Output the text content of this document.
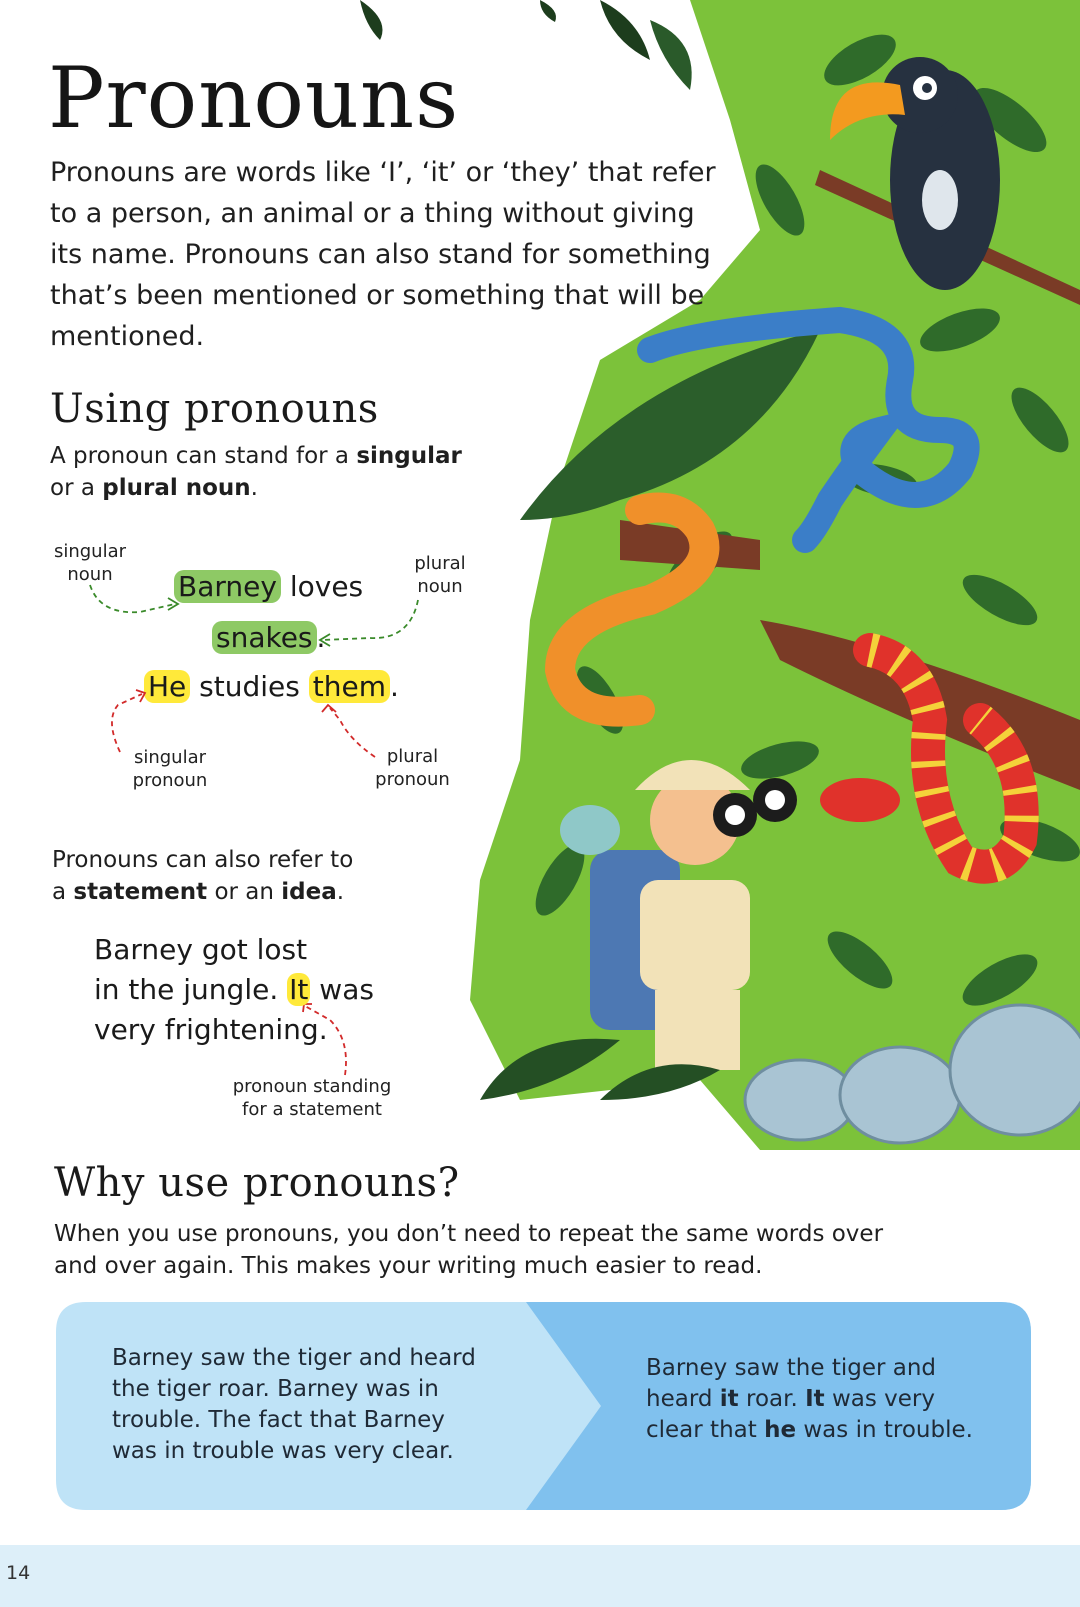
Pronouns
Pronouns are words like ‘I’, ‘it’ or ‘they’ that refer to a person, an animal or a thing without giving its name. Pronouns can also stand for something that’s been mentioned or something that will be mentioned.
Using pronouns
A pronoun can stand for a singular
or a plural noun.
singular
noun
plural
noun
singular
pronoun
plural
pronoun
Barney loves
snakes .
He studies them .
Pronouns can also refer to
a statement or an idea.
Barney got lost
in the jungle. It was
very frightening.
pronoun standing
for a statement
Why use pronouns?
When you use pronouns, you don’t need to repeat the same words over
and over again. This makes your writing much easier to read.
Barney saw the tiger and heard
the tiger roar. Barney was in
trouble. The fact that Barney
was in trouble was very clear.
Barney saw the tiger and
heard it roar. It was very
clear that he was in trouble.
14
